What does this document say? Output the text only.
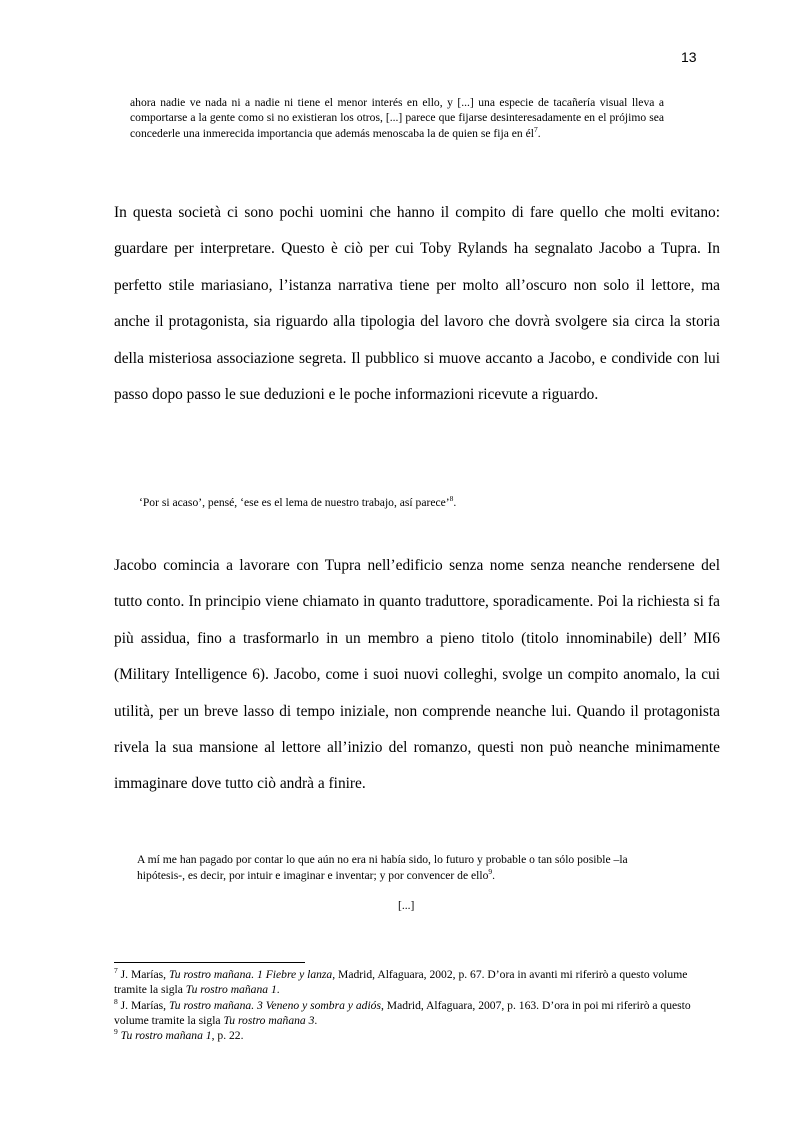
13
ahora nadie ve nada ni a nadie ni tiene el menor interés en ello, y [...] una especie de tacañería visual lleva a comportarse a la gente como si no existieran los otros, [...] parece que fijarse desinteresadamente en el prójimo sea concederle una inmerecida importancia que además menoscaba la de quien se fija en $él^7$.
In questa società ci sono pochi uomini che hanno il compito di fare quello che molti evitano: guardare per interpretare. Questo è ciò per cui Toby Rylands ha segnalato Jacobo a Tupra. In perfetto stile mariasiano, l’istanza narrativa tiene per molto all’oscuro non solo il lettore, ma anche il protagonista, sia riguardo alla tipologia del lavoro che dovrà svolgere sia circa la storia della misteriosa associazione segreta. Il pubblico si muove accanto a Jacobo, e condivide con lui passo dopo passo le sue deduzioni e le poche informazioni ricevute a riguardo.
‘Por si acaso’, pensé, ‘ese es el lema de nuestro trabajo, así parece’$^8$.
Jacobo comincia a lavorare con Tupra nell’edificio senza nome senza neanche rendersene del tutto conto. In principio viene chiamato in quanto traduttore, sporadicamente. Poi la richiesta si fa più assidua, fino a trasformarlo in un membro a pieno titolo (titolo innominabile) dell’ MI6 (Military Intelligence 6). Jacobo, come i suoi nuovi colleghi, svolge un compito anomalo, la cui utilità, per un breve lasso di tempo iniziale, non comprende neanche lui. Quando il protagonista rivela la sua mansione al lettore all’inizio del romanzo, questi non può neanche minimamente immaginare dove tutto ciò andrà a finire.
A mí me han pagado por contar lo que aún no era ni había sido, lo futuro y probable o tan sólo posible –la hipótesis-, es decir, por intuir e imaginar e inventar; y por convencer de ello$^9$.
[...]
$^7$ J. Marías, Tu rostro mañana. 1 Fiebre y lanza, Madrid, Alfaguara, 2002, p. 67. D’ora in avanti mi riferirò a questo volume tramite la sigla Tu rostro mañana 1.
$^8$ J. Marías, Tu rostro mañana. 3 Veneno y sombra y adiós, Madrid, Alfaguara, 2007, p. 163. D’ora in poi mi riferirò a questo volume tramite la sigla Tu rostro mañana 3.
$^9$ Tu rostro mañana 1, p. 22.
